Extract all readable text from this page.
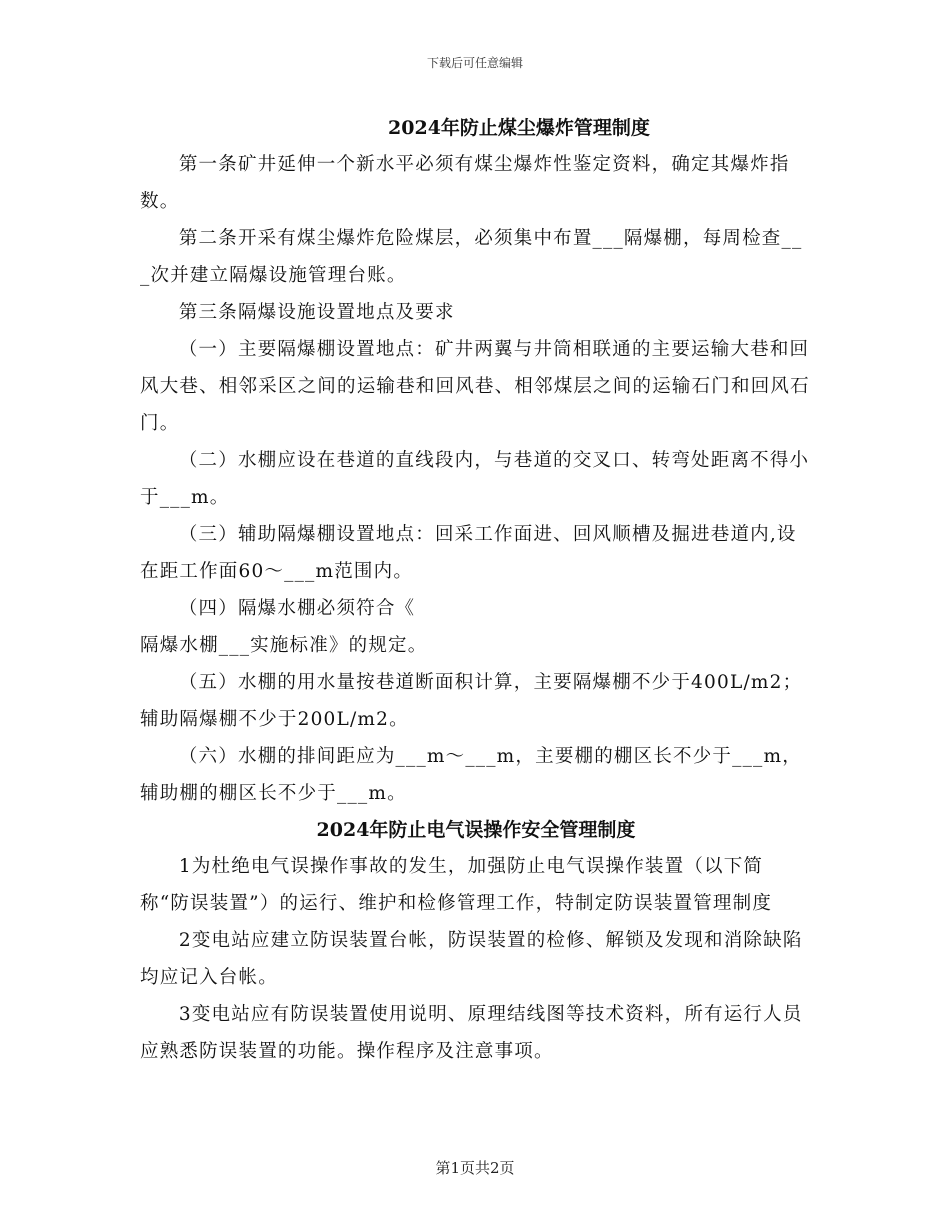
下载后可任意编辑
2024年防止煤尘爆炸管理制度

第一条矿井延伸一个新水平必须有煤尘爆炸性鉴定资料，确定其爆炸指数。

第二条开采有煤尘爆炸危险煤层，必须集中布置___隔爆棚，每周检查___次并建立隔爆设施管理台账。

第三条隔爆设施设置地点及要求

（一）主要隔爆棚设置地点：矿井两翼与井筒相联通的主要运输大巷和回风大巷、相邻采区之间的运输巷和回风巷、相邻煤层之间的运输石门和回风石门。

（二）水棚应设在巷道的直线段内，与巷道的交叉口、转弯处距离不得小于___m。

（三）辅助隔爆棚设置地点：回采工作面进、回风顺槽及掘进巷道内,设在距工作面60～___m范围内。

（四）隔爆水棚必须符合《

隔爆水棚___实施标准》的规定。

（五）水棚的用水量按巷道断面积计算，主要隔爆棚不少于400L/m2；辅助隔爆棚不少于200L/m2。

（六）水棚的排间距应为___m～___m，主要棚的棚区长不少于___m，辅助棚的棚区长不少于___m。

2024年防止电气误操作安全管理制度

1为杜绝电气误操作事故的发生，加强防止电气误操作装置（以下简称“防误装置”）的运行、维护和检修管理工作，特制定防误装置管理制度

2变电站应建立防误装置台帐，防误装置的检修、解锁及发现和消除缺陷均应记入台帐。

3变电站应有防误装置使用说明、原理结线图等技术资料，所有运行人员应熟悉防误装置的功能。操作程序及注意事项。

第1页共2页
